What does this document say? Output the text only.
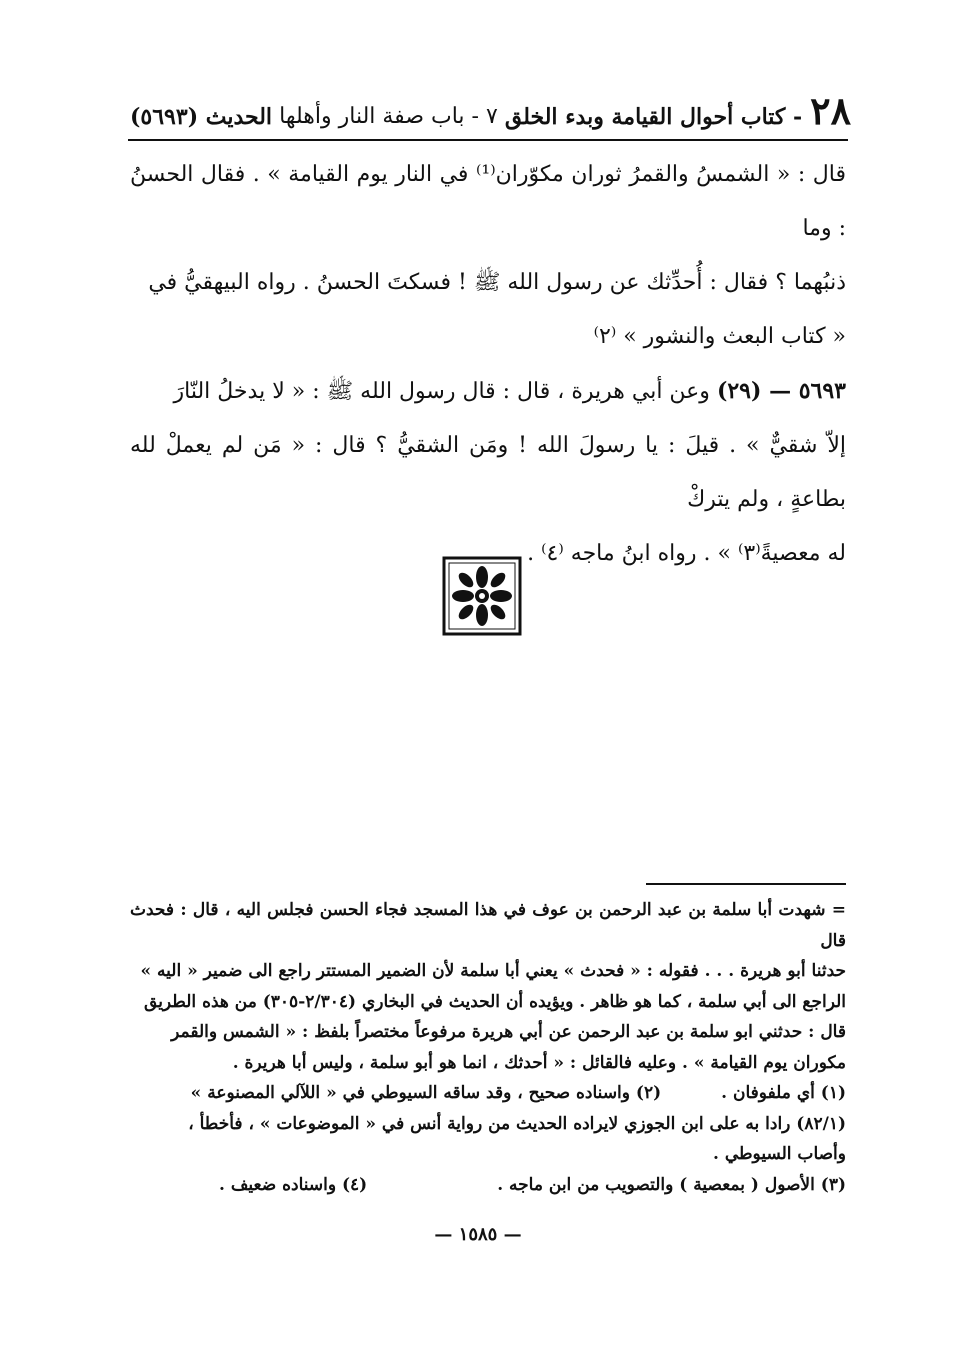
٢٨
- كتاب أحوال القيامة وبدء الخلق
٧ - باب صفة النار وأهلها
الحديث (٥٦٩٣)

قال : « الشمسُ والقمرُ ثوران مكوّران⁽¹⁾ في النار يوم القيامة » . فقال الحسنُ : وما

ذنبُهما ؟ فقال : أُحدِّثك عن رسول الله ﷺ ! فسكتَ الحسنُ . رواه البيهقيُّ في

« كتاب البعث والنشور » ⁽٢⁾

٥٦٩٣ — (٢٩) وعن أبي هريرة ، قال : قال رسول الله ﷺ : « لا يدخلُ النّارَ

إلاّ شقيٌّ » . قيلَ : يا رسولَ الله ! ومَن الشقيُّ ؟ قال : « مَن لم يعملْ لله بطاعةٍ ، ولم يتركْ

له معصيةً⁽٣⁾ » . رواه ابنُ ماجه ⁽٤⁾ .

= شهدت أبا سلمة بن عبد الرحمن بن عوف في هذا المسجد فجاء الحسن فجلس اليه ، قال : فحدث قال

حدثنا أبو هريرة . . . فقوله : « فحدث » يعني أبا سلمة لأن الضمير المستتر راجع الى ضمير « اليه »

الراجع الى أبي سلمة ، كما هو ظاهر . ويؤيده أن الحديث في البخاري (٢/٣٠٤-٣٠٥) من هذه الطريق

قال : حدثني ابو سلمة بن عبد الرحمن عن أبي هريرة مرفوعاً مختصراً بلفظ : « الشمس والقمر

مكوران يوم القيامة » . وعليه فالقائل : « أحدثك ، انما هو أبو سلمة ، وليس أبا هريرة .

(١) أي ملفوفان .
(٢) واسناده صحيح ، وقد ساقه السيوطي في « اللآلي المصنوعة »

(٨٢/١) رادا به على ابن الجوزي لايراده الحديث من رواية أنس في « الموضوعات » ، فأخطأ ،

وأصاب السيوطي .

(٣) الأصول ( بمعصية ) والتصويب من ابن ماجه .
(٤) واسناده ضعيف .
— ١٥٨٥ —
